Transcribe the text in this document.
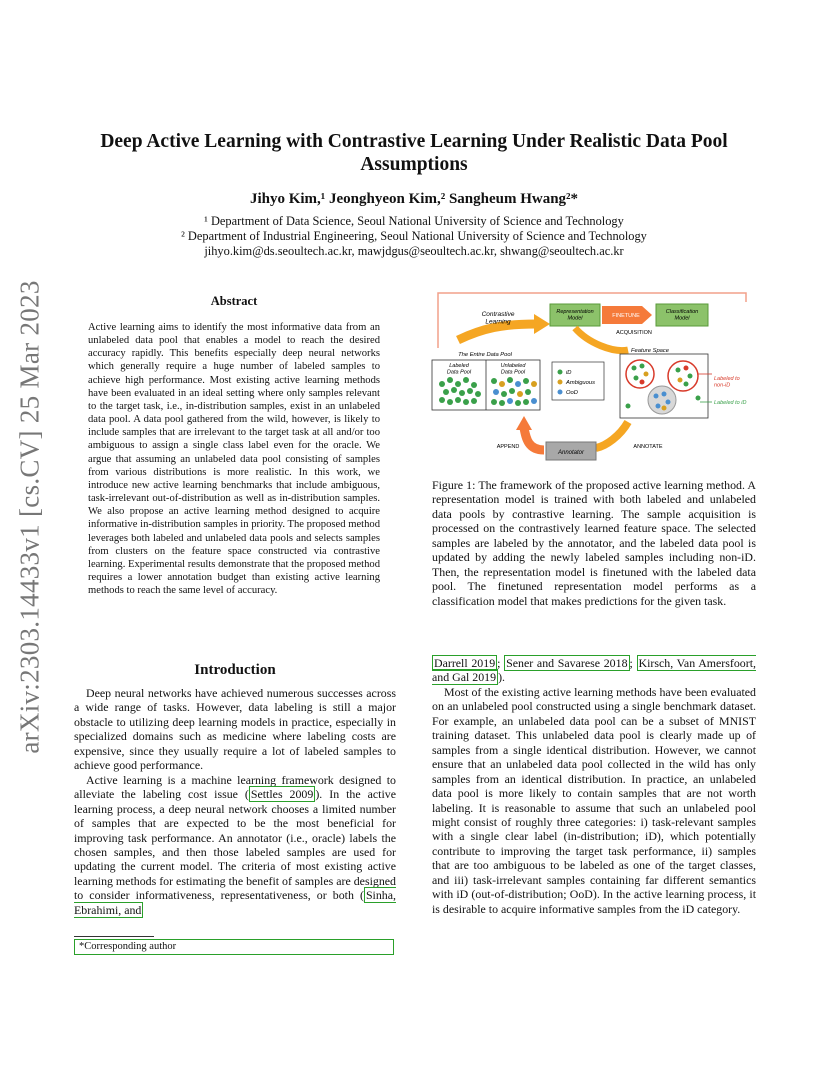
arXiv:2303.14433v1 [cs.CV] 25 Mar 2023
Deep Active Learning with Contrastive Learning Under Realistic Data Pool Assumptions
Jihyo Kim,¹ Jeonghyeon Kim,² Sangheum Hwang²*
¹ Department of Data Science, Seoul National University of Science and Technology
² Department of Industrial Engineering, Seoul National University of Science and Technology
jihyo.kim@ds.seoultech.ac.kr, mawjdgus@seoultech.ac.kr, shwang@seoultech.ac.kr
Abstract
Active learning aims to identify the most informative data from an unlabeled data pool that enables a model to reach the desired accuracy rapidly. This benefits especially deep neural networks which generally require a huge number of labeled samples to achieve high performance. Most existing active learning methods have been evaluated in an ideal setting where only samples relevant to the target task, i.e., in-distribution samples, exist in an unlabeled data pool. A data pool gathered from the wild, however, is likely to include samples that are irrelevant to the target task at all and/or too ambiguous to assign a single class label even for the oracle. We argue that assuming an unlabeled data pool consisting of samples from various distributions is more realistic. In this work, we introduce new active learning benchmarks that include ambiguous, task-irrelevant out-of-distribution as well as in-distribution samples. We also propose an active learning method designed to acquire informative in-distribution samples in priority. The proposed method leverages both labeled and unlabeled data pools and selects samples from clusters on the feature space constructed via contrastive learning. Experimental results demonstrate that the proposed method requires a lower annotation budget than existing active learning methods to reach the same level of accuracy.
Introduction
Deep neural networks have achieved numerous successes across a wide range of tasks. However, data labeling is still a major obstacle to utilizing deep learning models in practice, especially in specialized domains such as medicine where labeling costs are expensive, since they usually require a lot of labeled samples to achieve good performance.
Active learning is a machine learning framework designed to alleviate the labeling cost issue ( Settles 2009 ). In the active learning process, a deep neural network chooses a limited number of samples that are expected to be the most beneficial for improving task performance. An annotator (i.e., oracle) labels the chosen samples, and then those labeled samples are used for updating the current model. The criteria of most existing active learning methods for estimating the benefit of samples are designed to consider informativeness, representativeness, or both ( Sinha, Ebrahimi, and
*Corresponding author
Contrastive Learning
Representation Model	FINETUNE
Classification Model
ACQUISITION
The Entire Data Pool
Labeled Data Pool
Unlabeled Data Pool	iD
Ambiguous
OoD
Feature Space
Labeled to non-iD
Labeled to iD
ANNOTATE
Annotator
APPEND
Figure 1: The framework of the proposed active learning method. A representation model is trained with both labeled and unlabeled data pools by contrastive learning. The sample acquisition is processed on the contrastively learned feature space. The selected samples are labeled by the annotator, and the labeled data pool is updated by adding the newly labeled samples including non-iD. Then, the representation model is finetuned with the labeled data pool. The finetuned representation model performs as a classification model that makes predictions for the given task.
Darrell 2019 ; Sener and Savarese 2018 ; Kirsch, Van Amersfoort, and Gal 2019 ).
Most of the existing active learning methods have been evaluated on an unlabeled pool constructed using a single benchmark dataset. For example, an unlabeled data pool can be a subset of MNIST training dataset. This unlabeled data pool is clearly made up of samples from a single identical distribution. However, we cannot ensure that an unlabeled data pool collected in the wild has only samples from an identical distribution. In practice, an unlabeled data pool is more likely to contain samples that are not worth labeling. It is reasonable to assume that such an unlabeled pool might consist of roughly three categories: i) task-relevant samples with a single clear label (in-distribution; iD), which potentially contribute to improving the target task performance, ii) samples that are too ambiguous to be labeled as one of the target classes, and iii) task-irrelevant samples containing far different semantics with iD (out-of-distribution; OoD). In the active learning process, it is desirable to acquire informative samples from the iD category.
